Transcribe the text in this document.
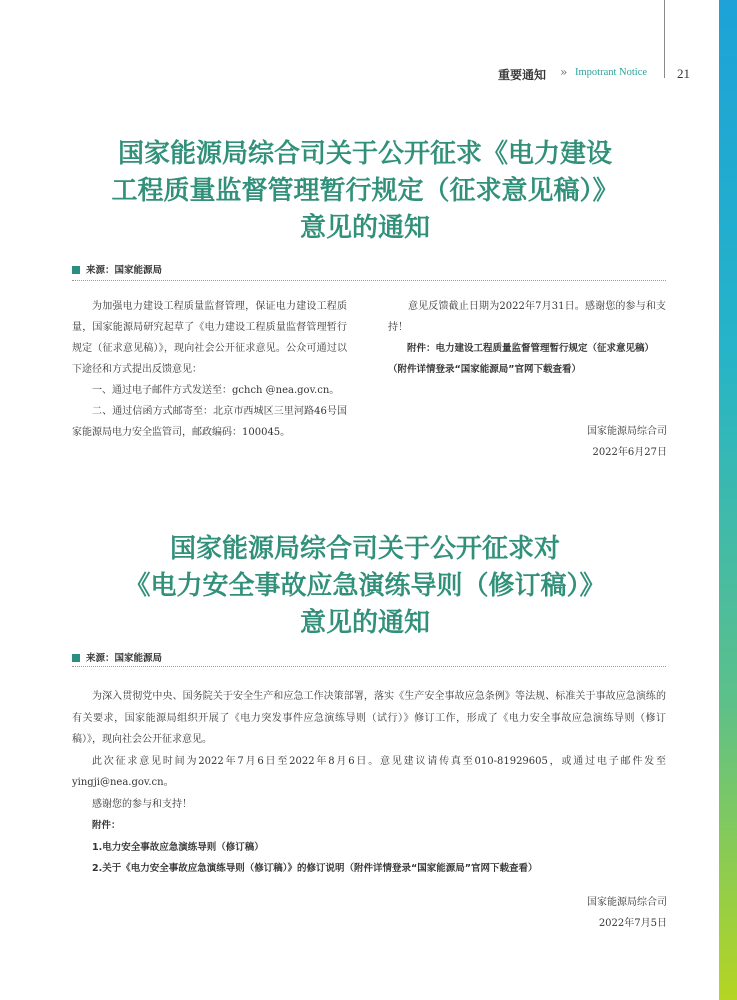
重要通知 » Impotrant Notice 21
国家能源局综合司关于公开征求《电力建设
工程质量监督管理暂行规定（征求意见稿）》
意见的通知
来源：国家能源局

为加强电力建设工程质量监督管理，保证电力建设工程质量，国家能源局研究起草了《电力建设工程质量监督管理暂行规定（征求意见稿）》，现向社会公开征求意见。公众可通过以下途径和方式提出反馈意见：

一、通过电子邮件方式发送至：gchch @nea.gov.cn。

二、通过信函方式邮寄至：北京市西城区三里河路46号国家能源局电力安全监管司，邮政编码：100045。

意见反馈截止日期为2022年7月31日。感谢您的参与和支持！

附件：电力建设工程质量监督管理暂行规定（征求意见稿）（附件详情登录“国家能源局”官网下载查看）

国家能源局综合司
2022年6月27日
国家能源局综合司关于公开征求对
《电力安全事故应急演练导则（修订稿）》
意见的通知
来源：国家能源局

为深入贯彻党中央、国务院关于安全生产和应急工作决策部署，落实《生产安全事故应急条例》等法规、标准关于事故应急演练的有关要求，国家能源局组织开展了《电力突发事件应急演练导则（试行）》修订工作，形成了《电力安全事故应急演练导则（修订稿）》，现向社会公开征求意见。

此次征求意见时间为2022年7月6日至2022年8月6日。意见建议请传真至010-81929605，或通过电子邮件发至yingji@nea.gov.cn。

感谢您的参与和支持！

附件：

1.电力安全事故应急演练导则（修订稿）

2.关于《电力安全事故应急演练导则（修订稿）》的修订说明（附件详情登录“国家能源局”官网下载查看）

国家能源局综合司
2022年7月5日
